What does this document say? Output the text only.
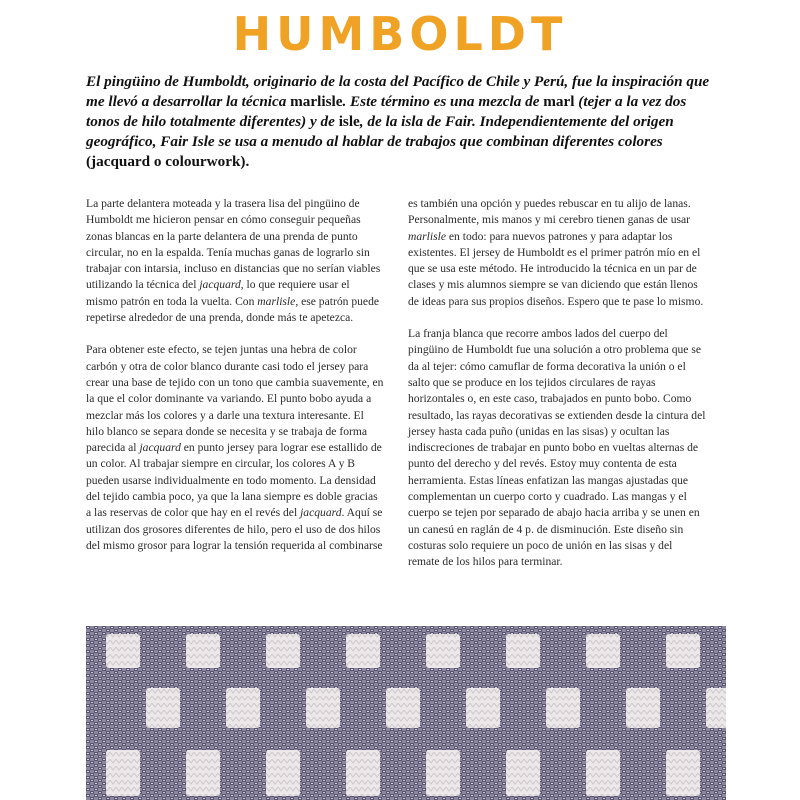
HUMBOLDT
El pingüino de Humboldt, originario de la costa del Pacífico de Chile y Perú, fue la inspiración que me llevó a desarrollar la técnica marlisle. Este término es una mezcla de marl (tejer a la vez dos tonos de hilo totalmente diferentes) y de isle, de la isla de Fair. Independientemente del origen geográfico, Fair Isle se usa a menudo al hablar de trabajos que combinan diferentes colores (jacquard o colourwork).

La parte delantera moteada y la trasera lisa del pingüino de Humboldt me hicieron pensar en cómo conseguir pequeñas zonas blancas en la parte delantera de una prenda de punto circular, no en la espalda. Tenía muchas ganas de lograrlo sin trabajar con intarsia, incluso en distancias que no serían viables utilizando la técnica del jacquard, lo que requiere usar el mismo patrón en toda la vuelta. Con marlisle, ese patrón puede repetirse alrededor de una prenda, donde más te apetezca.

Para obtener este efecto, se tejen juntas una hebra de color carbón y otra de color blanco durante casi todo el jersey para crear una base de tejido con un tono que cambia suavemente, en la que el color dominante va variando. El punto bobo ayuda a mezclar más los colores y a darle una textura interesante. El hilo blanco se separa donde se necesita y se trabaja de forma parecida al jacquard en punto jersey para lograr ese estallido de un color. Al trabajar siempre en circular, los colores A y B pueden usarse individualmente en todo momento. La densidad del tejido cambia poco, ya que la lana siempre es doble gracias a las reservas de color que hay en el revés del jacquard. Aquí se utilizan dos grosores diferentes de hilo, pero el uso de dos hilos del mismo grosor para lograr la tensión requerida al combinarse

es también una opción y puedes rebuscar en tu alijo de lanas. Personalmente, mis manos y mi cerebro tienen ganas de usar marlisle en todo: para nuevos patrones y para adaptar los existentes. El jersey de Humboldt es el primer patrón mío en el que se usa este método. He introducido la técnica en un par de clases y mis alumnos siempre se van diciendo que están llenos de ideas para sus propios diseños. Espero que te pase lo mismo.

La franja blanca que recorre ambos lados del cuerpo del pingüino de Humboldt fue una solución a otro problema que se da al tejer: cómo camuflar de forma decorativa la unión o el salto que se produce en los tejidos circulares de rayas horizontales o, en este caso, trabajados en punto bobo. Como resultado, las rayas decorativas se extienden desde la cintura del jersey hasta cada puño (unidas en las sisas) y ocultan las indiscreciones de trabajar en punto bobo en vueltas alternas de punto del derecho y del revés. Estoy muy contenta de esta herramienta. Estas líneas enfatizan las mangas ajustadas que complementan un cuerpo corto y cuadrado. Las mangas y el cuerpo se tejen por separado de abajo hacia arriba y se unen en un canesú en raglán de 4 p. de disminución. Este diseño sin costuras solo requiere un poco de unión en las sisas y del remate de los hilos para terminar.
